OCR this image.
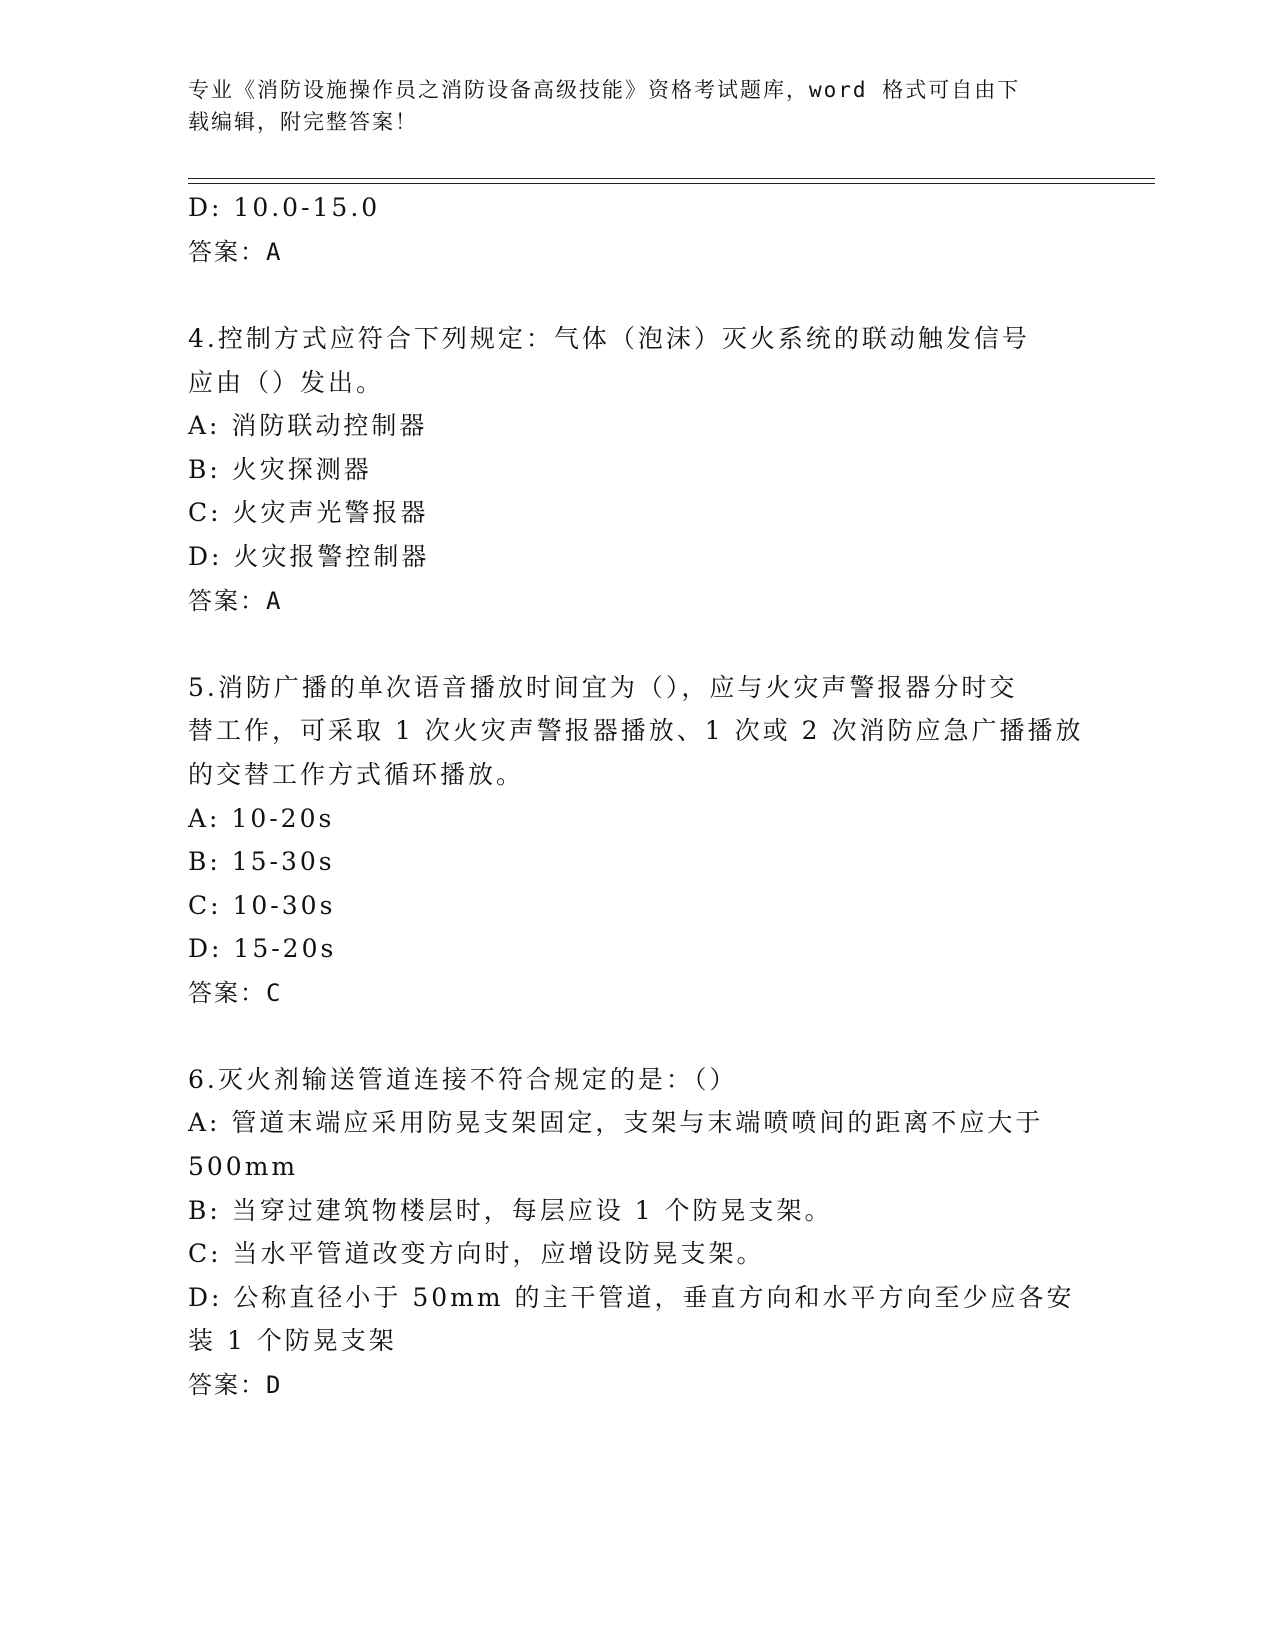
专业《消防设施操作员之消防设备高级技能》资格考试题库，word 格式可自由下
载编辑，附完整答案！
D: 10.0-15.0
答案：A
4.控制方式应符合下列规定：气体（泡沫）灭火系统的联动触发信号
应由（）发出。
A: 消防联动控制器
B: 火灾探测器
C: 火灾声光警报器
D: 火灾报警控制器
答案：A
5.消防广播的单次语音播放时间宜为（），应与火灾声警报器分时交
替工作，可采取 1 次火灾声警报器播放、1 次或 2 次消防应急广播播放
的交替工作方式循环播放。
A: 10-20s
B: 15-30s
C: 10-30s
D: 15-20s
答案：C
6.灭火剂输送管道连接不符合规定的是：（）
A: 管道末端应采用防晃支架固定，支架与末端喷喷间的距离不应大于
500mm
B: 当穿过建筑物楼层时，每层应设 1 个防晃支架。
C: 当水平管道改变方向时，应增设防晃支架。
D: 公称直径小于 50mm 的主干管道，垂直方向和水平方向至少应各安
装 1 个防晃支架
答案：D
